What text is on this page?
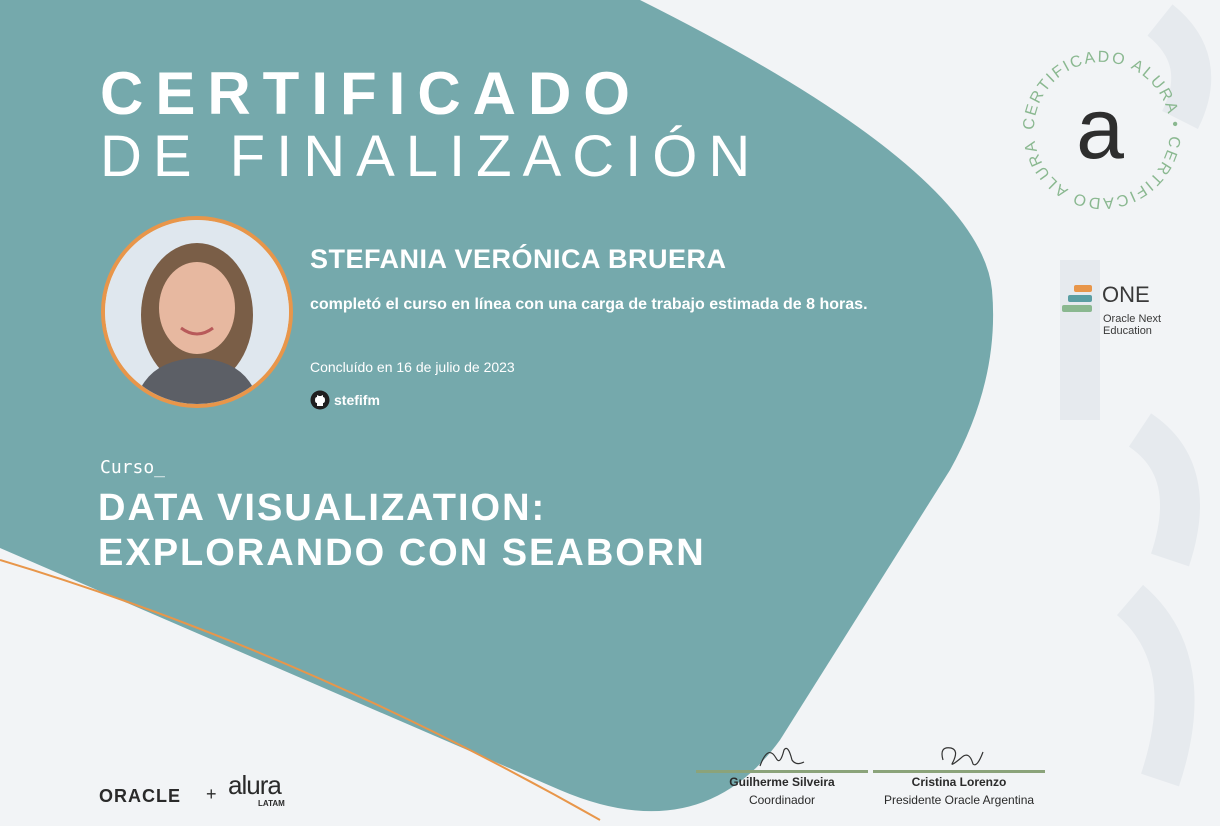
CERTIFICADO
DE FINALIZACIÓN

STEFANIA VERÓNICA BRUERA

completó el curso en línea con una carga de trabajo estimada de 8 horas.

Concluído en 16 de julio de 2023

stefifm

Curso_

DATA VISUALIZATION:
EXPLORANDO CON SEABORN
CERTIFICADO ALURA • CERTIFICADO ALURA a
ONE
Oracle Next
Education
ORACLE + alura
LATAM
Guilherme Silveira
Coordinador
Cristina Lorenzo
Presidente Oracle Argentina
